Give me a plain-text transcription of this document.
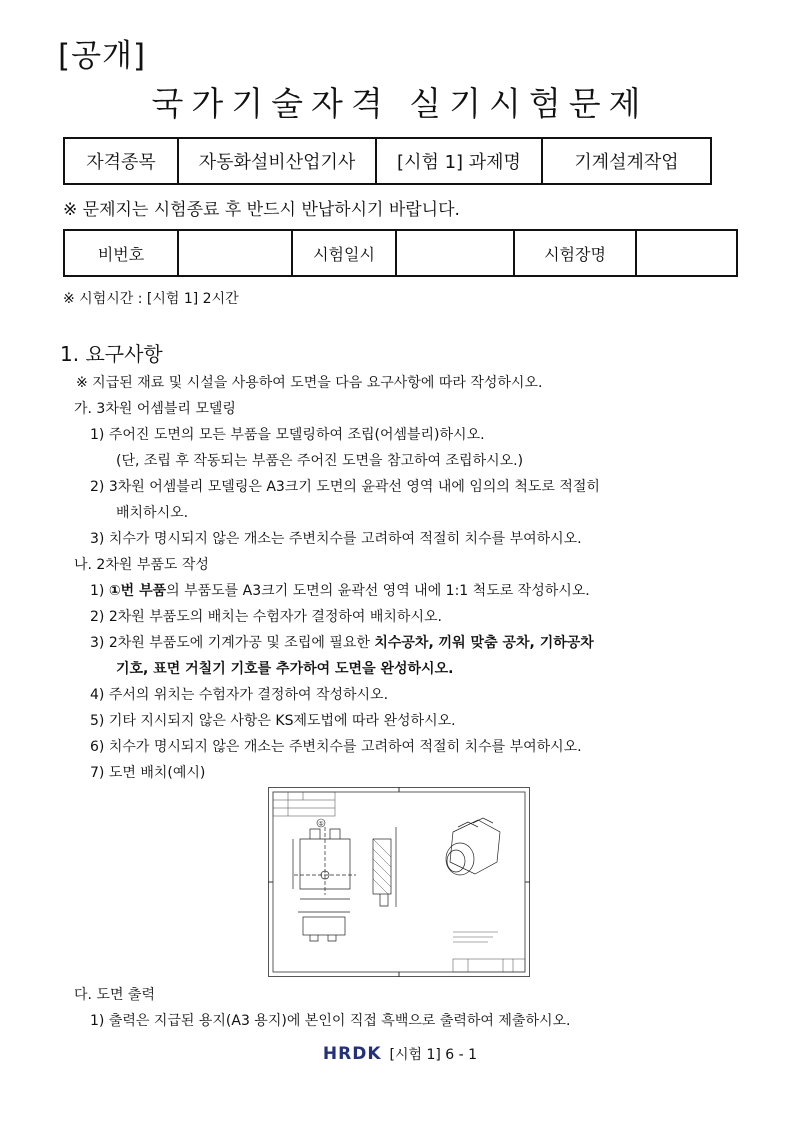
[공개]
국가기술자격 실기시험문제
자격종목	자동화설비산업기사	[시험 1] 과제명	기계설계작업
※ 문제지는 시험종료 후 반드시 반납하시기 바랍니다.
비번호		시험일시		시험장명	
※ 시험시간 : [시험 1] 2시간
1. 요구사항
※ 지급된 재료 및 시설을 사용하여 도면을 다음 요구사항에 따라 작성하시오.
가. 3차원 어셈블리 모델링
1) 주어진 도면의 모든 부품을 모델링하여 조립(어셈블리)하시오.
(단, 조립 후 작동되는 부품은 주어진 도면을 참고하여 조립하시오.)
2) 3차원 어셈블리 모델링은 A3크기 도면의 윤곽선 영역 내에 임의의 척도로 적절히
배치하시오.
3) 치수가 명시되지 않은 개소는 주변치수를 고려하여 적절히 치수를 부여하시오.
나. 2차원 부품도 작성
1) ①번 부품의 부품도를 A3크기 도면의 윤곽선 영역 내에 1:1 척도로 작성하시오.
2) 2차원 부품도의 배치는 수험자가 결정하여 배치하시오.
3) 2차원 부품도에 기계가공 및 조립에 필요한 치수공차, 끼워 맞춤 공차, 기하공차
기호, 표면 거칠기 기호를 추가하여 도면을 완성하시오.
4) 주서의 위치는 수험자가 결정하여 작성하시오.
5) 기타 지시되지 않은 사항은 KS제도법에 따라 완성하시오.
6) 치수가 명시되지 않은 개소는 주변치수를 고려하여 적절히 치수를 부여하시오.
7) 도면 배치(예시)
①
다. 도면 출력
1) 출력은 지급된 용지(A3 용지)에 본인이 직접 흑백으로 출력하여 제출하시오.
HRDK [시험 1] 6 - 1
